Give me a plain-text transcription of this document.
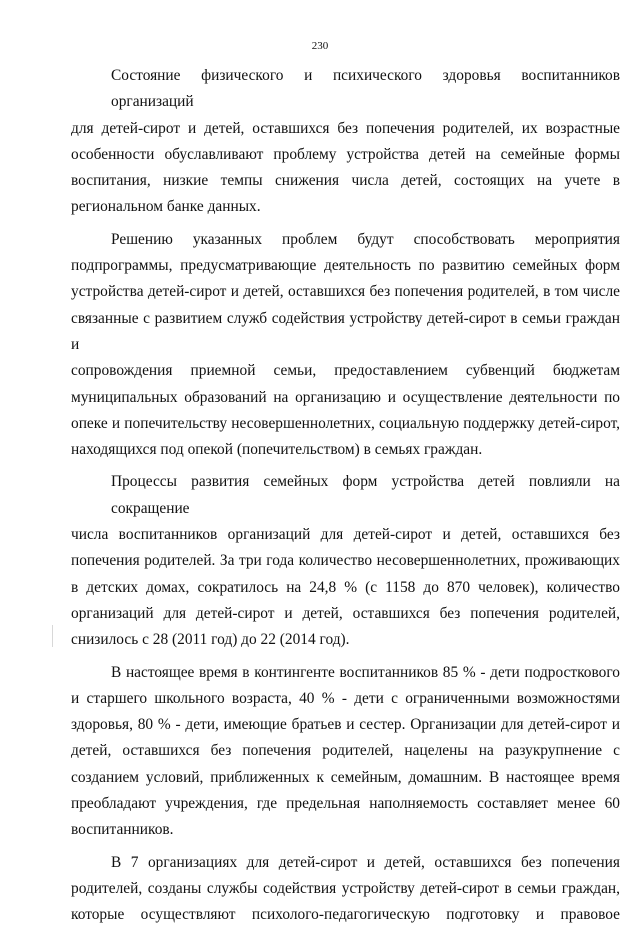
230

Состояние физического и психического здоровья воспитанников организаций
для детей-сирот и детей, оставшихся без попечения родителей, их возрастные
особенности обуславливают проблему устройства детей на семейные формы
воспитания, низкие темпы снижения числа детей, состоящих на учете в
региональном банке данных.

Решению указанных проблем будут способствовать мероприятия
подпрограммы, предусматривающие деятельность по развитию семейных форм
устройства детей-сирот и детей, оставшихся без попечения родителей, в том числе
связанные с развитием служб содействия устройству детей-сирот в семьи граждан и
сопровождения приемной семьи, предоставлением субвенций бюджетам
муниципальных образований на организацию и осуществление деятельности по
опеке и попечительству несовершеннолетних, социальную поддержку детей-сирот,
находящихся под опекой (попечительством) в семьях граждан.

Процессы развития семейных форм устройства детей повлияли на сокращение
числа воспитанников организаций для детей-сирот и детей, оставшихся без
попечения родителей. За три года количество несовершеннолетних, проживающих
в детских домах, сократилось на 24,8 % (с 1158 до 870 человек), количество
организаций для детей-сирот и детей, оставшихся без попечения родителей,
снизилось с 28 (2011 год) до 22 (2014 год).

В настоящее время в контингенте воспитанников 85 % - дети подросткового
и старшего школьного возраста, 40 % - дети с ограниченными возможностями
здоровья, 80 % - дети, имеющие братьев и сестер. Организации для детей-сирот и
детей, оставшихся без попечения родителей, нацелены на разукрупнение с
созданием условий, приближенных к семейным, домашним. В настоящее время
преобладают учреждения, где предельная наполняемость составляет менее 60
воспитанников.

В 7 организациях для детей-сирот и детей, оставшихся без попечения
родителей, созданы службы содействия устройству детей-сирот в семьи граждан,
которые осуществляют психолого-педагогическую подготовку и правовое
